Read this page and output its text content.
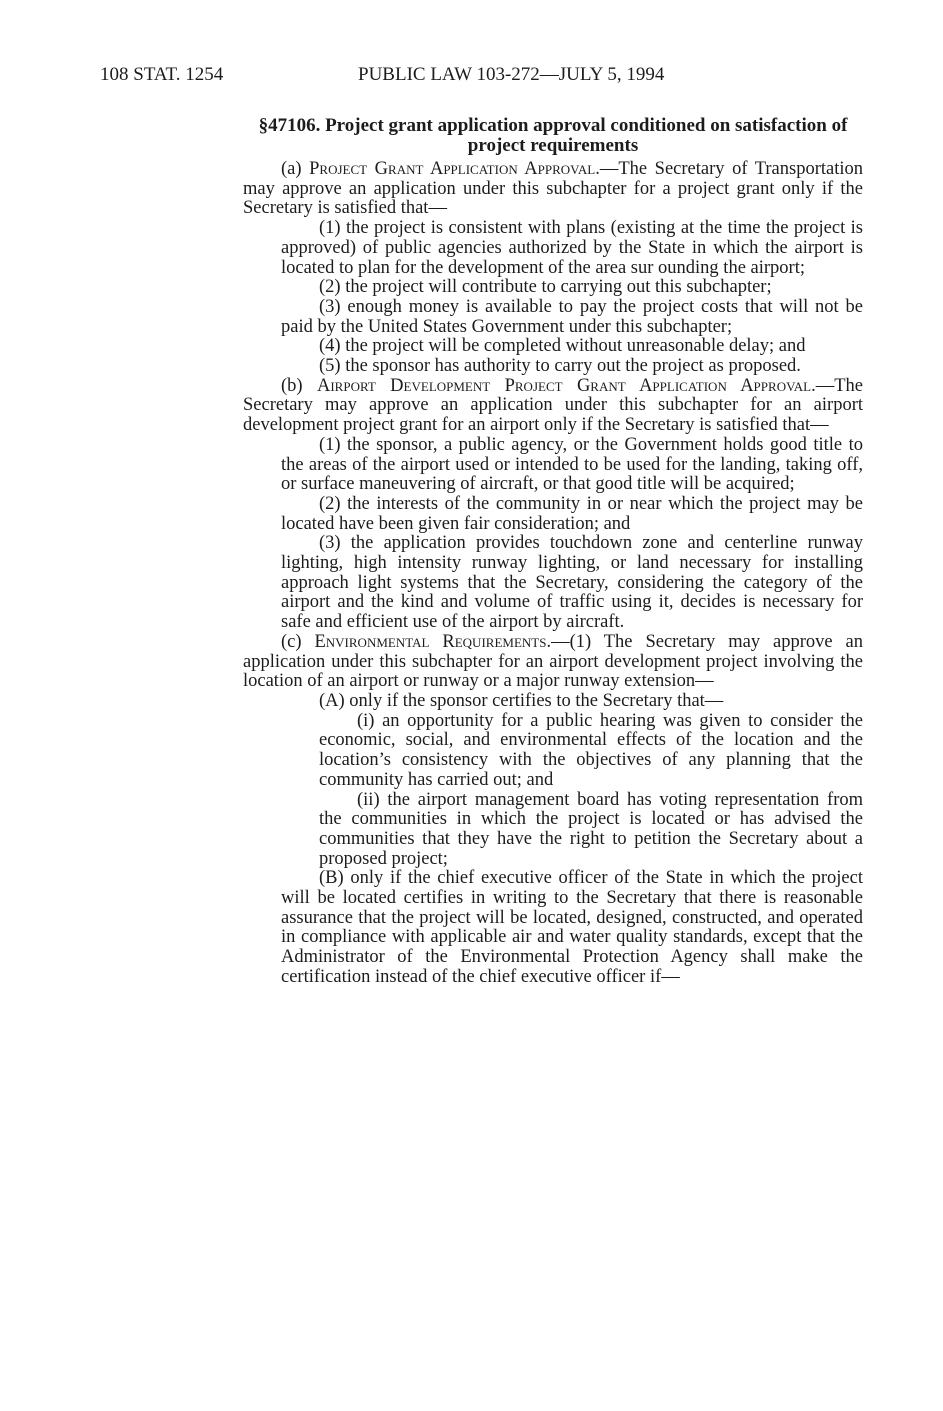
108 STAT. 1254	PUBLIC LAW 103-272—JULY 5, 1994
§47106. Project grant application approval conditioned on satisfaction of project requirements

(a) Project Grant Application Approval.—The Secretary of Transportation may approve an application under this subchapter for a project grant only if the Secretary is satisfied that—

(1) the project is consistent with plans (existing at the time the project is approved) of public agencies authorized by the State in which the airport is located to plan for the development of the area sur ounding the airport;

(2) the project will contribute to carrying out this subchapter;

(3) enough money is available to pay the project costs that will not be paid by the United States Government under this subchapter;

(4) the project will be completed without unreasonable delay; and

(5) the sponsor has authority to carry out the project as proposed.

(b) Airport Development Project Grant Application Approval.—The Secretary may approve an application under this subchapter for an airport development project grant for an airport only if the Secretary is satisfied that—

(1) the sponsor, a public agency, or the Government holds good title to the areas of the airport used or intended to be used for the landing, taking off, or surface maneuvering of aircraft, or that good title will be acquired;

(2) the interests of the community in or near which the project may be located have been given fair consideration; and

(3) the application provides touchdown zone and centerline runway lighting, high intensity runway lighting, or land necessary for installing approach light systems that the Secretary, considering the category of the airport and the kind and volume of traffic using it, decides is necessary for safe and efficient use of the airport by aircraft.

(c) Environmental Requirements.—(1) The Secretary may approve an application under this subchapter for an airport development project involving the location of an airport or runway or a major runway extension—

(A) only if the sponsor certifies to the Secretary that—

(i) an opportunity for a public hearing was given to consider the economic, social, and environmental effects of the location and the location’s consistency with the objectives of any planning that the community has carried out; and

(ii) the airport management board has voting representation from the communities in which the project is located or has advised the communities that they have the right to petition the Secretary about a proposed project;

(B) only if the chief executive officer of the State in which the project will be located certifies in writing to the Secretary that there is reasonable assurance that the project will be located, designed, constructed, and operated in compliance with applicable air and water quality standards, except that the Administrator of the Environmental Protection Agency shall make the certification instead of the chief executive officer if—
